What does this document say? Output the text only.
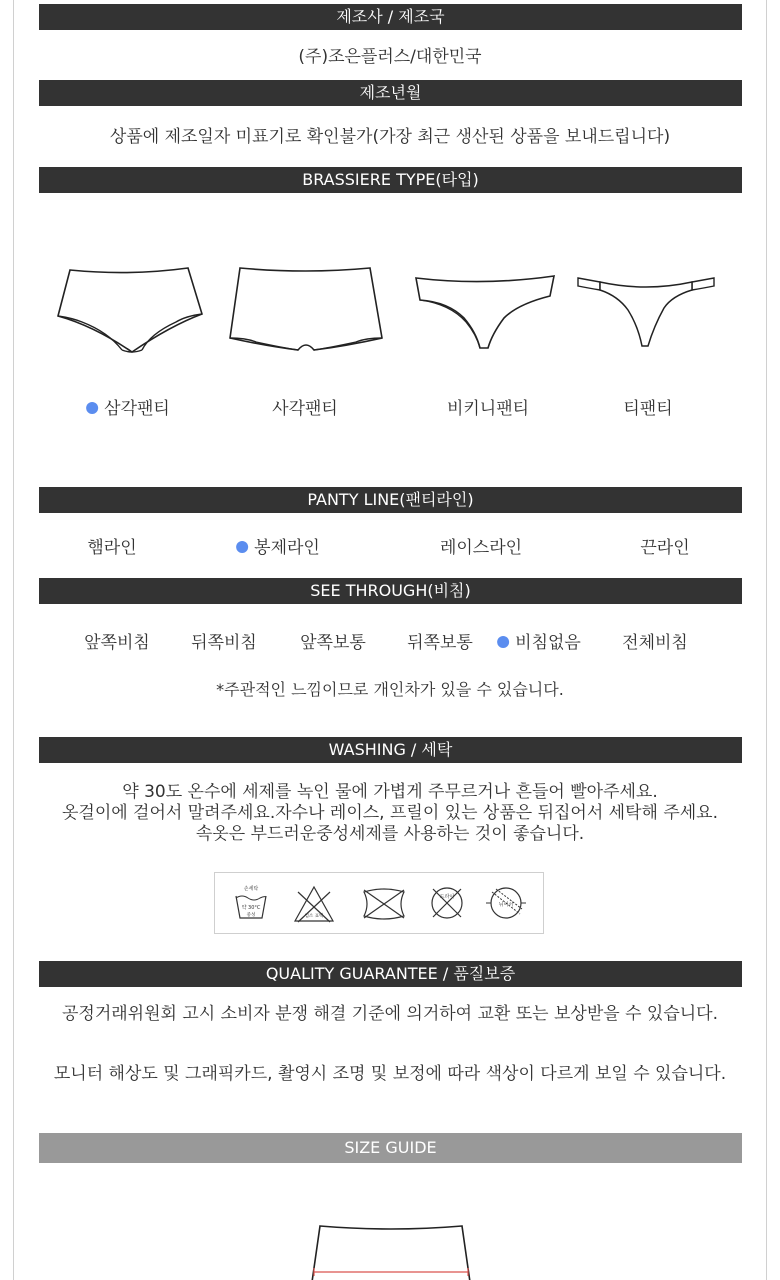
제조사 / 제조국
(주)조은플러스/대한민국
제조년월
상품에 제조일자 미표기로 확인불가(가장 최근 생산된 상품을 보내드립니다)
BRASSIERE TYPE(타입)
삼각팬티	사각팬티	비키니팬티	티팬티
PANTY LINE(팬티라인)
햄라인	봉제라인	레이스라인	끈라인
SEE THROUGH(비침)
앞쪽비침 뒤쪽비침	앞쪽보통 뒤쪽보통	비침없음 전체비침
*주관적인 느낌이므로 개인차가 있을 수 있습니다.
WASHING / 세탁
약 30도 온수에 세제를 녹인 물에 가볍게 주무르거나 흔들어 빨아주세요.
옷걸이에 걸어서 말려주세요.자수나 레이스, 프릴이 있는 상품은 뒤집어서 세탁해 주세요.
속옷은 부드러운중성세제를 사용하는 것이 좋습니다.
손세탁
약 30°C
중성	염소 표백
드라이
뉘어서
QUALITY GUARANTEE / 품질보증
공정거래위원회 고시 소비자 분쟁 해결 기준에 의거하여 교환 또는 보상받을 수 있습니다.
모니터 해상도 및 그래픽카드, 촬영시 조명 및 보정에 따라 색상이 다르게 보일 수 있습니다.
SIZE GUIDE
